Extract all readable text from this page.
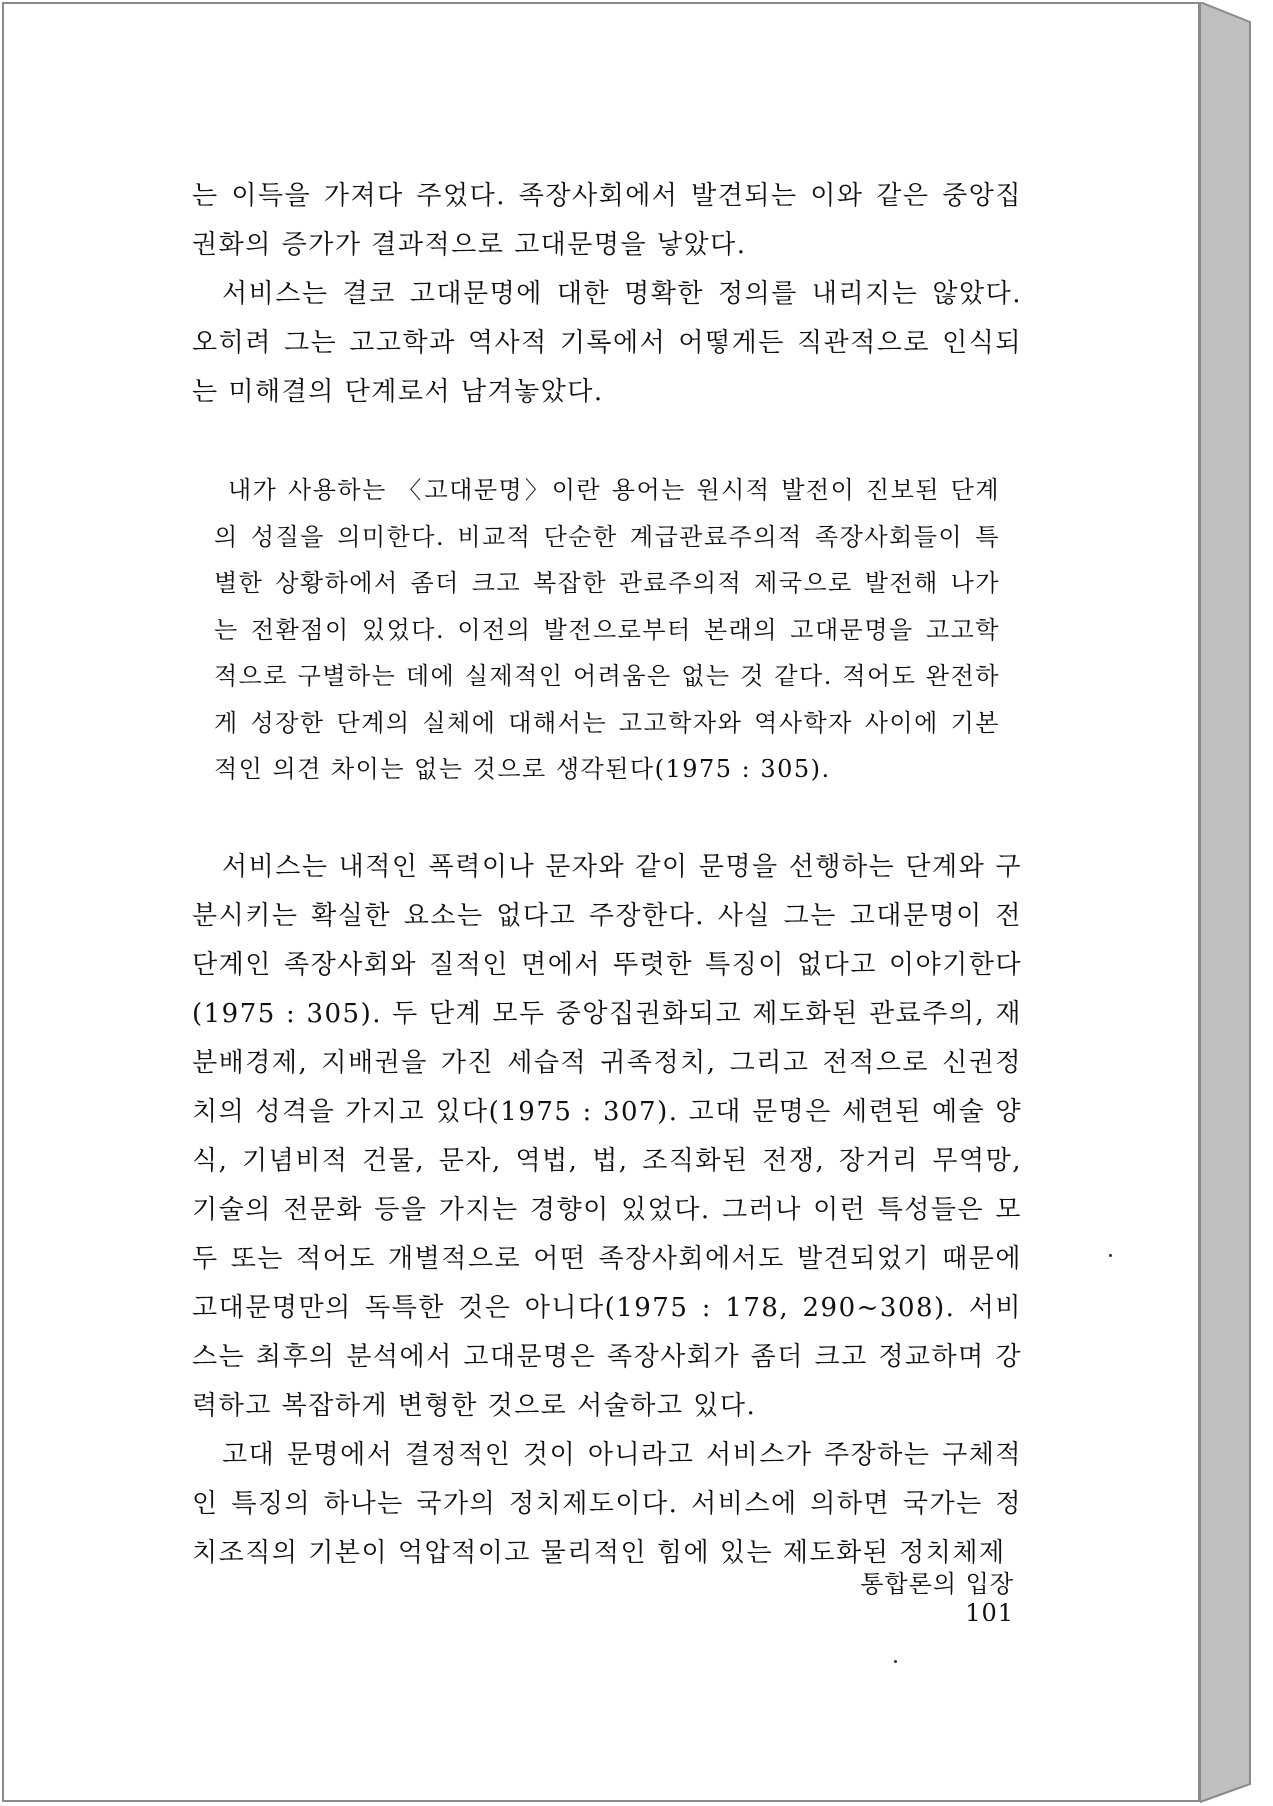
는 이득을 가져다 주었다. 족장사회에서 발견되는 이와 같은 중앙집권화의 증가가 결과적으로 고대문명을 낳았다.

서비스는 결코 고대문명에 대한 명확한 정의를 내리지는 않았다. 오히려 그는 고고학과 역사적 기록에서 어떻게든 직관적으로 인식되는 미해결의 단계로서 남겨놓았다.

내가 사용하는 〈고대문명〉이란 용어는 원시적 발전이 진보된 단계의 성질을 의미한다. 비교적 단순한 계급관료주의적 족장사회들이 특별한 상황하에서 좀더 크고 복잡한 관료주의적 제국으로 발전해 나가는 전환점이 있었다. 이전의 발전으로부터 본래의 고대문명을 고고학적으로 구별하는 데에 실제적인 어려움은 없는 것 같다. 적어도 완전하게 성장한 단계의 실체에 대해서는 고고학자와 역사학자 사이에 기본적인 의견 차이는 없는 것으로 생각된다(1975 : 305).

서비스는 내적인 폭력이나 문자와 같이 문명을 선행하는 단계와 구분시키는 확실한 요소는 없다고 주장한다. 사실 그는 고대문명이 전단계인 족장사회와 질적인 면에서 뚜렷한 특징이 없다고 이야기한다(1975 : 305). 두 단계 모두 중앙집권화되고 제도화된 관료주의, 재분배경제, 지배권을 가진 세습적 귀족정치, 그리고 전적으로 신권정치의 성격을 가지고 있다(1975 : 307). 고대 문명은 세련된 예술 양식, 기념비적 건물, 문자, 역법, 법, 조직화된 전쟁, 장거리 무역망, 기술의 전문화 등을 가지는 경향이 있었다. 그러나 이런 특성들은 모두 또는 적어도 개별적으로 어떤 족장사회에서도 발견되었기 때문에 고대문명만의 독특한 것은 아니다(1975 : 178, 290~308). 서비스는 최후의 분석에서 고대문명은 족장사회가 좀더 크고 정교하며 강력하고 복잡하게 변형한 것으로 서술하고 있다.

고대 문명에서 결정적인 것이 아니라고 서비스가 주장하는 구체적인 특징의 하나는 국가의 정치제도이다. 서비스에 의하면 국가는 정치조직의 기본이 억압적이고 물리적인 힘에 있는 제도화된 정치체제

통합론의 입장101
